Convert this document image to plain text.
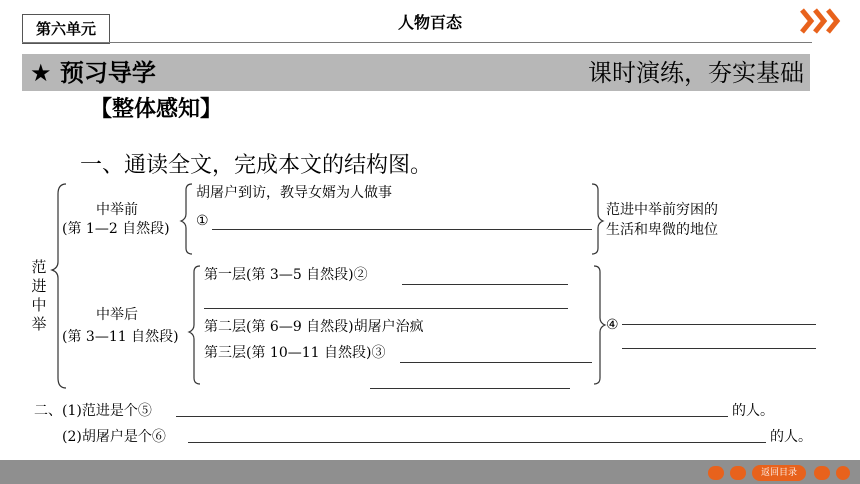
第六单元	人物百态
★ 预习导学	课时演练，夯实基础
【整体感知】
一、通读全文，完成本文的结构图。
范进中举
中举前
(第 1—2 自然段)
胡屠户到访，教导女婿为人做事
①
范进中举前穷困的
生活和卑微的地位
中举后
(第 3—11 自然段)
第一层(第 3—5 自然段)②
第二层(第 6—9 自然段)胡屠户治疯
第三层(第 10—11 自然段)③
④
二、 (1)范进是个⑤	的人。
(2)胡屠户是个⑥	的人。
返回目录
